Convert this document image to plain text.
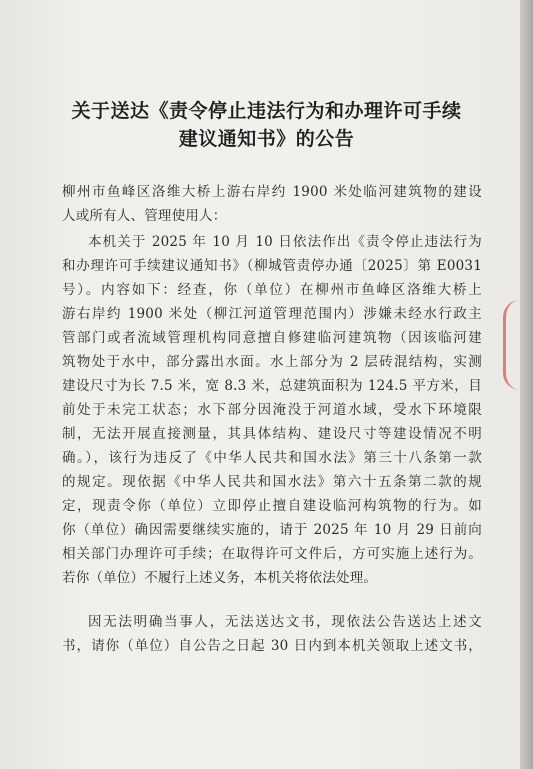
关于送达《责令停止违法行为和办理许可手续
建议通知书》的公告
柳州市鱼峰区洛维大桥上游右岸约 1900 米处临河建筑物的建设
人或所有人、管理使用人：
本机关于 2025 年 10 月 10 日依法作出《责令停止违法行为
和办理许可手续建议通知书》（柳城管责停办通〔2025〕第 E0031
号）。内容如下：经查，你（单位）在柳州市鱼峰区洛维大桥上
游右岸约 1900 米处（柳江河道管理范围内）涉嫌未经水行政主
管部门或者流域管理机构同意擅自修建临河建筑物（因该临河建
筑物处于水中，部分露出水面。水上部分为 2 层砖混结构，实测
建设尺寸为长 7.5 米，宽 8.3 米，总建筑面积为 124.5 平方米，目
前处于未完工状态；水下部分因淹没于河道水域，受水下环境限
制，无法开展直接测量，其具体结构、建设尺寸等建设情况不明
确。），该行为违反了《中华人民共和国水法》第三十八条第一款
的规定。现依据《中华人民共和国水法》第六十五条第二款的规
定，现责令你（单位）立即停止擅自建设临河构筑物的行为。如
你（单位）确因需要继续实施的，请于 2025 年 10 月 29 日前向
相关部门办理许可手续；在取得许可文件后，方可实施上述行为。
若你（单位）不履行上述义务，本机关将依法处理。
因无法明确当事人，无法送达文书，现依法公告送达上述文
书，请你（单位）自公告之日起 30 日内到本机关领取上述文书，
